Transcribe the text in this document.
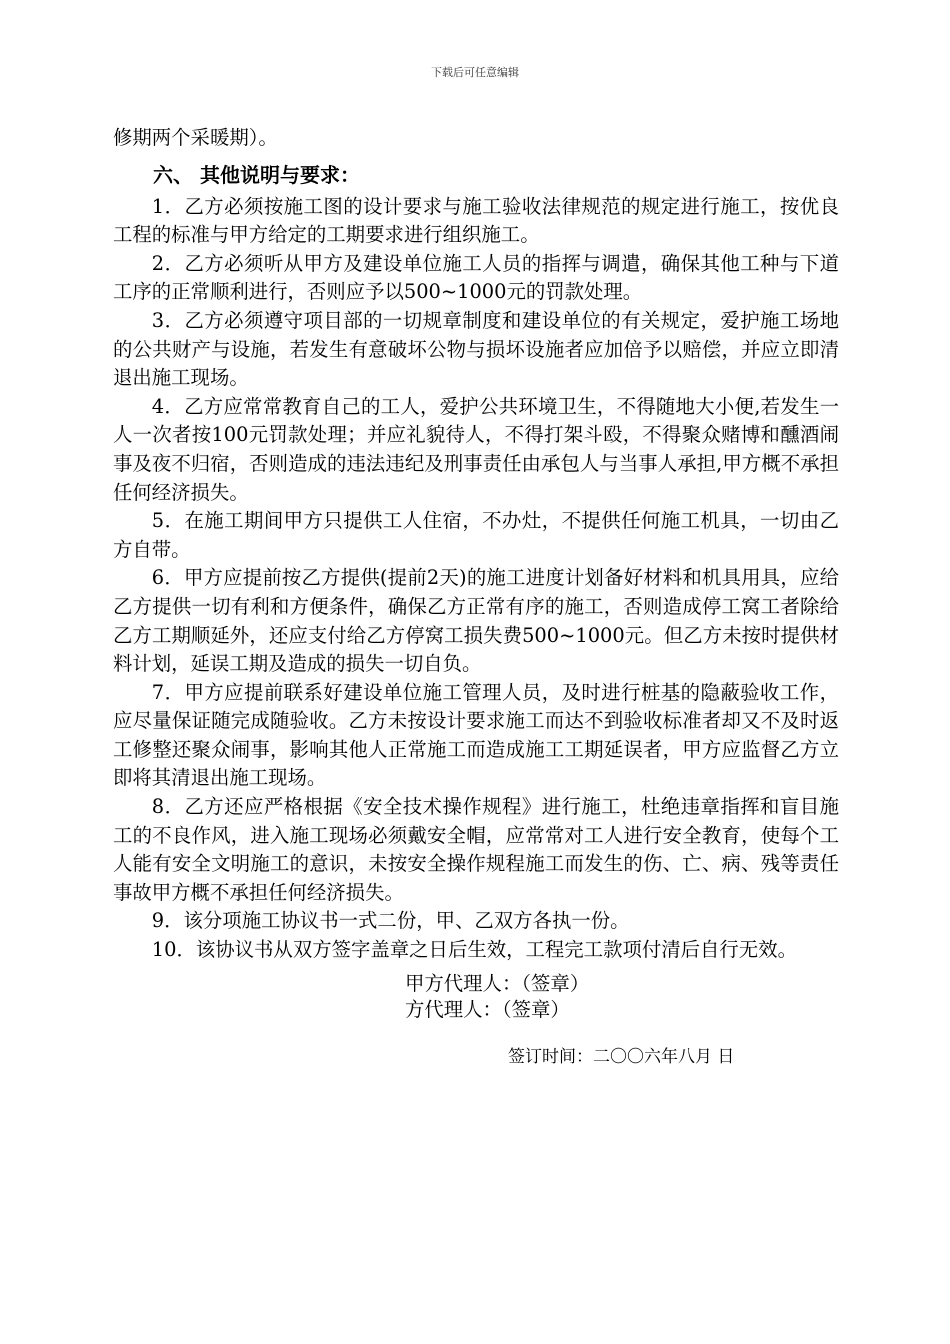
下载后可任意编辑

修期两个采暖期）。

六、 其他说明与要求：

1．乙方必须按施工图的设计要求与施工验收法律规范的规定进行施工，按优良工程的标准与甲方给定的工期要求进行组织施工。

2．乙方必须听从甲方及建设单位施工人员的指挥与调遣，确保其他工种与下道工序的正常顺利进行，否则应予以500~1000元的罚款处理。

3．乙方必须遵守项目部的一切规章制度和建设单位的有关规定，爱护施工场地的公共财产与设施，若发生有意破坏公物与损坏设施者应加倍予以赔偿，并应立即清退出施工现场。

4．乙方应常常教育自己的工人，爱护公共环境卫生，不得随地大小便,若发生一人一次者按100元罚款处理；并应礼貌待人，不得打架斗殴，不得聚众赌博和醺酒闹事及夜不归宿，否则造成的违法违纪及刑事责任由承包人与当事人承担,甲方概不承担任何经济损失。

5．在施工期间甲方只提供工人住宿，不办灶，不提供任何施工机具，一切由乙方自带。

6．甲方应提前按乙方提供(提前2天)的施工进度计划备好材料和机具用具，应给乙方提供一切有利和方便条件，确保乙方正常有序的施工，否则造成停工窝工者除给乙方工期顺延外，还应支付给乙方停窝工损失费500~1000元。但乙方未按时提供材料计划，延误工期及造成的损失一切自负。

7．甲方应提前联系好建设单位施工管理人员，及时进行桩基的隐蔽验收工作，应尽量保证随完成随验收。乙方未按设计要求施工而达不到验收标准者却又不及时返工修整还聚众闹事，影响其他人正常施工而造成施工工期延误者，甲方应监督乙方立即将其清退出施工现场。

8．乙方还应严格根据《安全技术操作规程》进行施工，杜绝违章指挥和盲目施工的不良作风，进入施工现场必须戴安全帽，应常常对工人进行安全教育，使每个工人能有安全文明施工的意识，未按安全操作规程施工而发生的伤、亡、病、残等责任事故甲方概不承担任何经济损失。

9．该分项施工协议书一式二份，甲、乙双方各执一份。

10．该协议书从双方签字盖章之日后生效，工程完工款项付清后自行无效。

甲方代理人：（签章）
方代理人：（签章）
签订时间：二〇〇六年八月 日
